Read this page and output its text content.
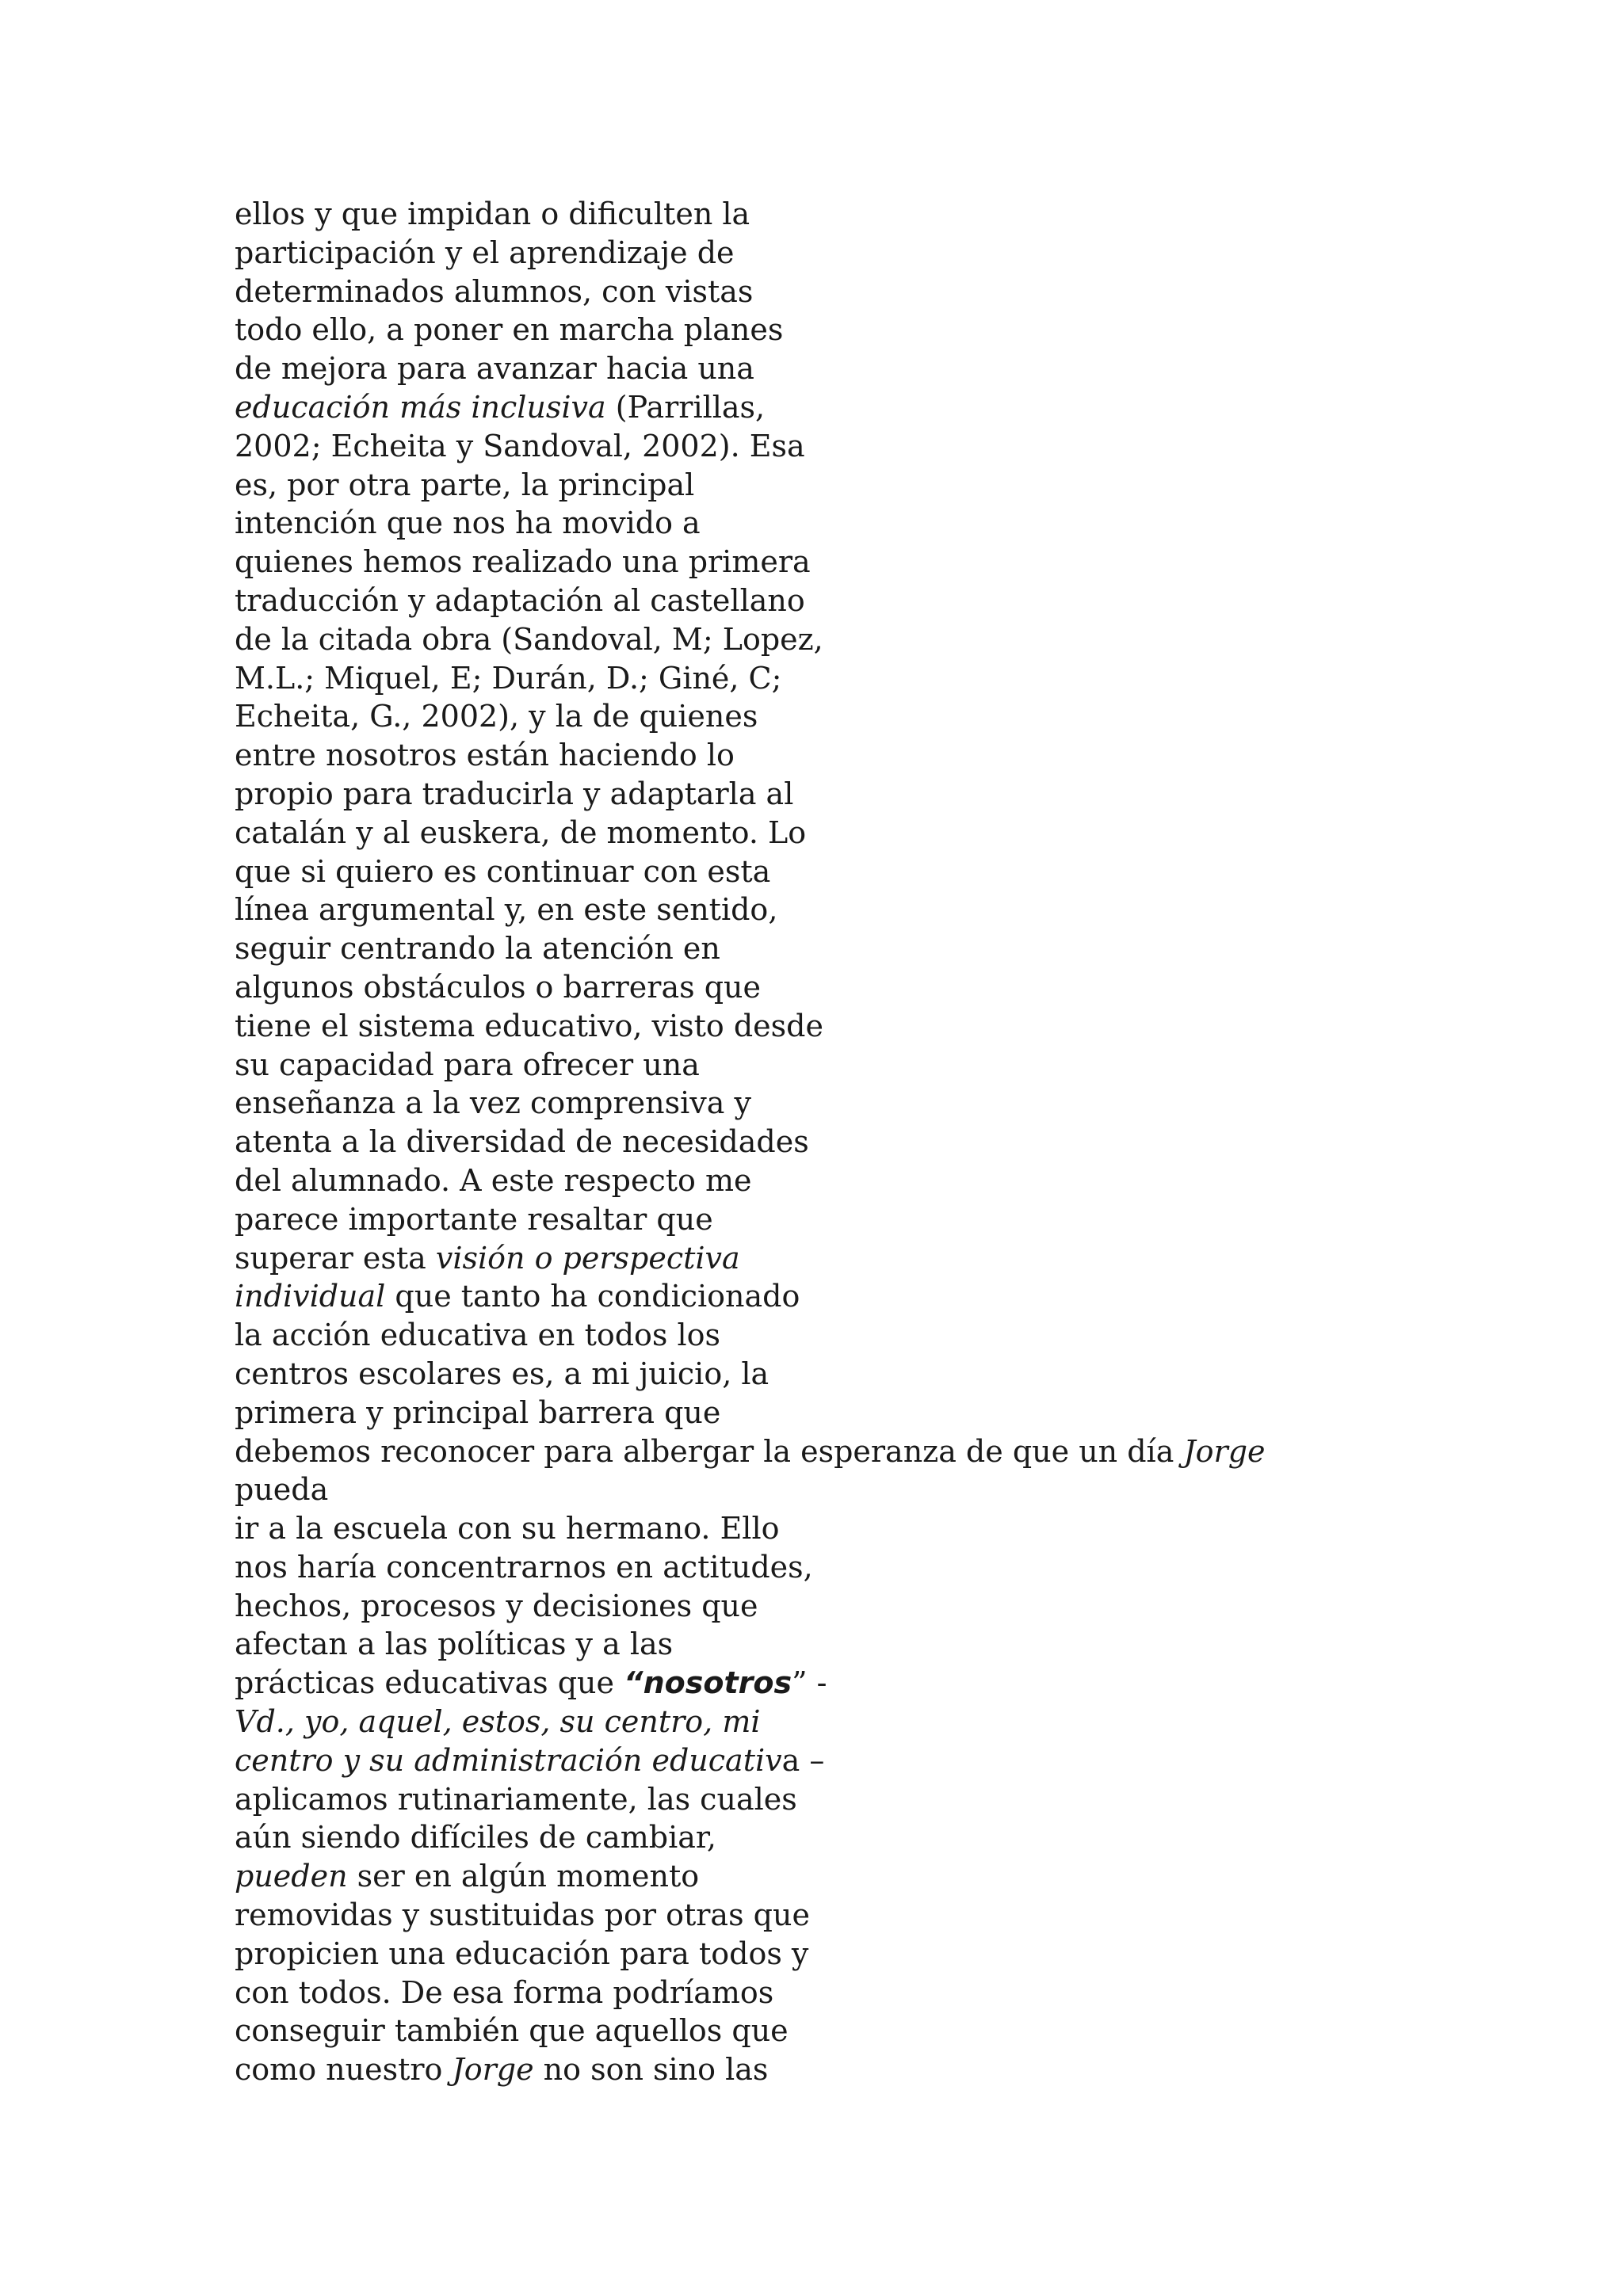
ellos y que impidan o dificulten la
participación y el aprendizaje de
determinados alumnos, con vistas
todo ello, a poner en marcha planes
de mejora para avanzar hacia una
educación más inclusiva (Parrillas,
2002; Echeita y Sandoval, 2002). Esa
es, por otra parte, la principal
intención que nos ha movido a
quienes hemos realizado una primera
traducción y adaptación al castellano
de la citada obra (Sandoval, M; Lopez,
M.L.; Miquel, E; Durán, D.; Giné, C;
Echeita, G., 2002), y la de quienes
entre nosotros están haciendo lo
propio para traducirla y adaptarla al
catalán y al euskera, de momento. Lo
que si quiero es continuar con esta
línea argumental y, en este sentido,
seguir centrando la atención en
algunos obstáculos o barreras que
tiene el sistema educativo, visto desde
su capacidad para ofrecer una
enseñanza a la vez comprensiva y
atenta a la diversidad de necesidades
del alumnado. A este respecto me
parece importante resaltar que
superar esta visión o perspectiva
individual que tanto ha condicionado
la acción educativa en todos los
centros escolares es, a mi juicio, la
primera y principal barrera que
debemos reconocer para albergar la esperanza de que un día Jorge
pueda
ir a la escuela con su hermano. Ello
nos haría concentrarnos en actitudes,
hechos, procesos y decisiones que
afectan a las políticas y a las
prácticas educativas que “nosotros” -
Vd., yo, aquel, estos, su centro, mi
centro y su administración educativa –
aplicamos rutinariamente, las cuales
aún siendo difíciles de cambiar,
pueden ser en algún momento
removidas y sustituidas por otras que
propicien una educación para todos y
con todos. De esa forma podríamos
conseguir también que aquellos que
como nuestro Jorge no son sino las
